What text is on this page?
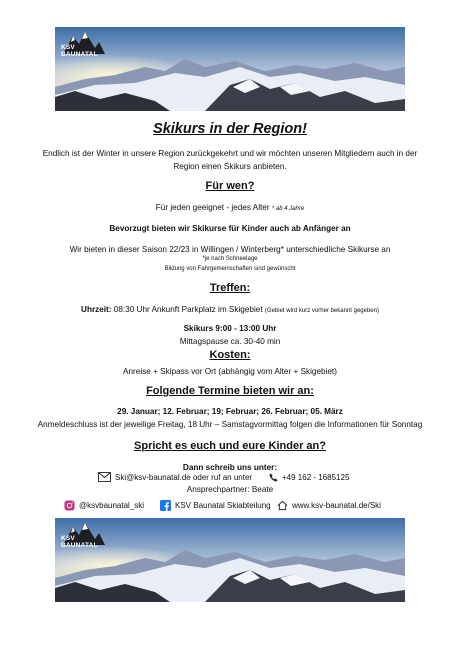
KSV
BAUNATAL
Skikurs in der Region!
Endlich ist der Winter in unsere Region zurückgekehrt und wir möchten unseren Mitgliedern auch in der
Region einen Skikurs anbieten.
Für wen?
Für jeden geeignet - jedes Alter * ab 4 Jahre
Bevorzugt bieten wir Skikurse für Kinder auch ab Anfänger an
Wir bieten in dieser Saison 22/23 in Willingen / Winterberg* unterschiedliche Skikurse an
*je nach Schneelage
Bildung von Fahrgemeinschaften sind gewünscht
Treffen:
Uhrzeit: 08:30 Uhr Ankunft Parkplatz im Skigebiet (Gebiet wird kurz vorher bekannt gegeben)
Skikurs 9:00 - 13:00 Uhr
Mittagspause ca. 30-40 min
Kosten:
Anreise + Skipass vor Ort (abhängig vom Alter + Skigebiet)
Folgende Termine bieten wir an:
29. Januar; 12. Februar; 19; Februar; 26. Februar; 05. März
Anmeldeschluss ist der jeweilige Freitag, 18 Uhr – Samstagvormittag folgen die Informationen für Sonntag
Spricht es euch und eure Kinder an?
Dann schreib uns unter:
Ski@ksv-baunatal.de oder ruf an unter	+49 162 - 1685125
Ansprechpartner: Beate
@ksvbaunatal_ski	KSV Baunatal Skiabteilung	www.ksv-baunatal.de/Ski
KSV
BAUNATAL
